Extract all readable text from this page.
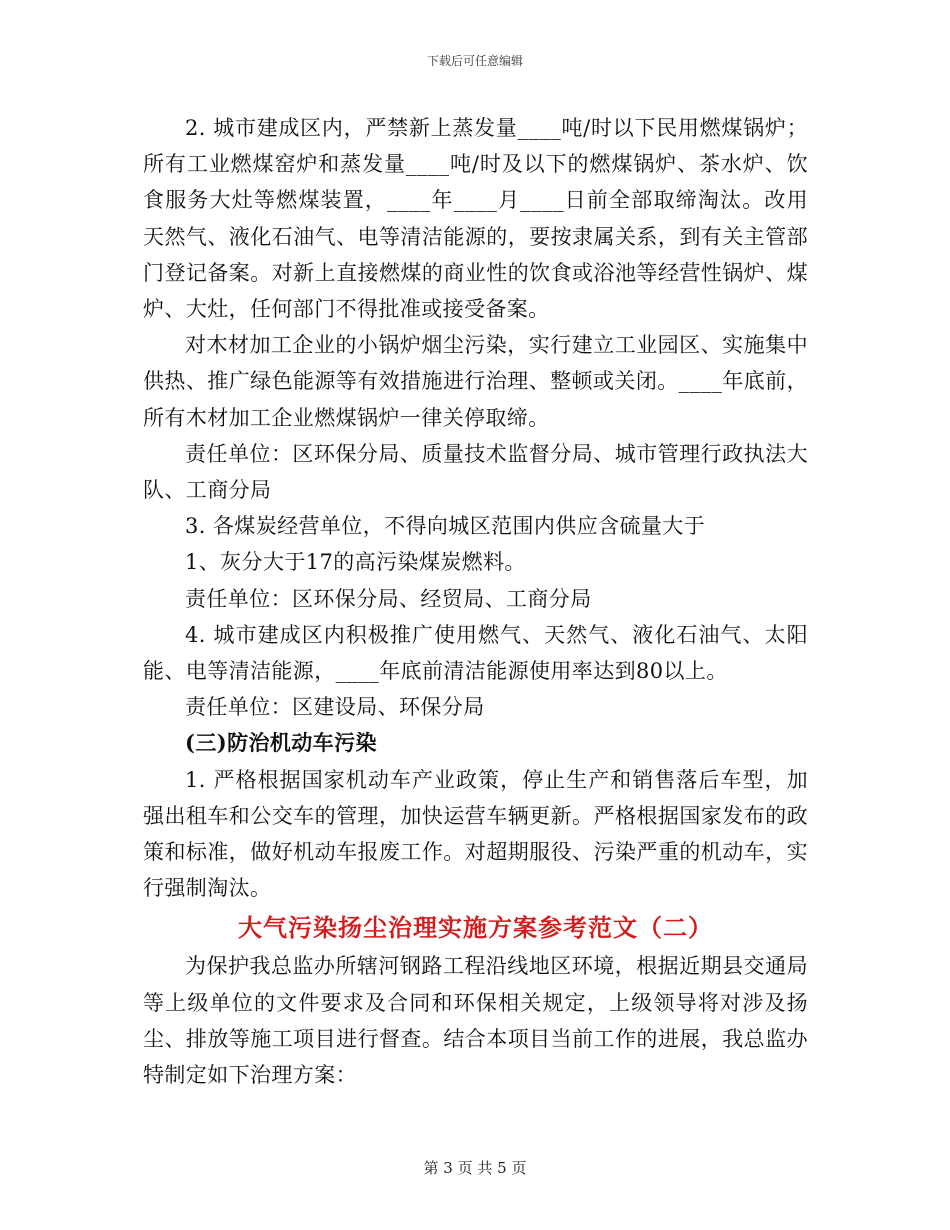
下载后可任意编辑

2. 城市建成区内，严禁新上蒸发量____吨/时以下民用燃煤锅炉；所有工业燃煤窑炉和蒸发量____吨/时及以下的燃煤锅炉、茶水炉、饮食服务大灶等燃煤装置，____年____月____日前全部取缔淘汰。改用天然气、液化石油气、电等清洁能源的，要按隶属关系，到有关主管部门登记备案。对新上直接燃煤的商业性的饮食或浴池等经营性锅炉、煤炉、大灶，任何部门不得批准或接受备案。

对木材加工企业的小锅炉烟尘污染，实行建立工业园区、实施集中供热、推广绿色能源等有效措施进行治理、整顿或关闭。____年底前，所有木材加工企业燃煤锅炉一律关停取缔。

责任单位：区环保分局、质量技术监督分局、城市管理行政执法大队、工商分局

3. 各煤炭经营单位，不得向城区范围内供应含硫量大于

1、灰分大于17的高污染煤炭燃料。

责任单位：区环保分局、经贸局、工商分局

4. 城市建成区内积极推广使用燃气、天然气、液化石油气、太阳能、电等清洁能源，____年底前清洁能源使用率达到80以上。

责任单位：区建设局、环保分局

(三)防治机动车污染

1. 严格根据国家机动车产业政策，停止生产和销售落后车型，加强出租车和公交车的管理，加快运营车辆更新。严格根据国家发布的政策和标准，做好机动车报废工作。对超期服役、污染严重的机动车，实行强制淘汰。

大气污染扬尘治理实施方案参考范文（二）

为保护我总监办所辖河钢路工程沿线地区环境，根据近期县交通局等上级单位的文件要求及合同和环保相关规定，上级领导将对涉及扬尘、排放等施工项目进行督查。结合本项目当前工作的进展，我总监办特制定如下治理方案：

第 3 页 共 5 页
